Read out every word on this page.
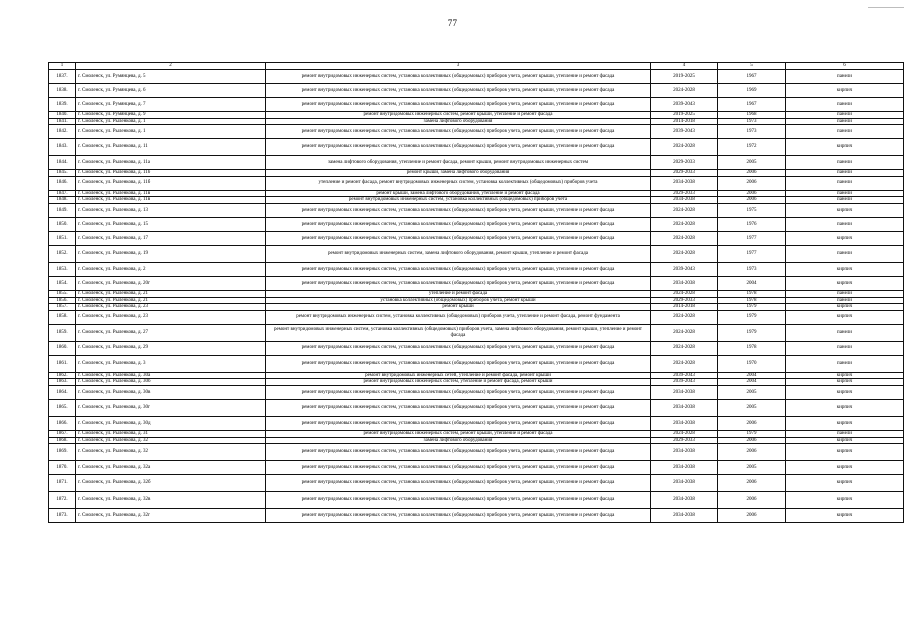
77
1	2	3	4	5	6
1837.	г. Смоленск, ул. Румянцева, д. 5	ремонт внутридомовых инженерных систем, установка коллективных (общедомовых) приборов учета, ремонт крыши, утепление и ремонт фасада	2019-2025	1967	панели
1838.	г. Смоленск, ул. Румянцева, д. 6	ремонт внутридомовых инженерных систем, установка коллективных (общедомовых) приборов учета, ремонт крыши, утепление и ремонт фасада	2024-2028	1969	кирпич
1839.	г. Смоленск, ул. Румянцева, д. 7	ремонт внутридомовых инженерных систем, установка коллективных (общедомовых) приборов учета, ремонт крыши, утепление и ремонт фасада	2039-2043	1967	панели
1840.	г. Смоленск, ул. Румянцева, д. 9	ремонт внутридомовых инженерных систем, ремонт крыши, утепление и ремонт фасада	2019-2025	1968	панели
1841.	г. Смоленск, ул. Рыленкова, д. 1	замена лифтового оборудования	2014-2018	1973	панели
1842.	г. Смоленск, ул. Рыленкова, д. 1	ремонт внутридомовых инженерных систем, установка коллективных (общедомовых) приборов учета, ремонт крыши, утепление и ремонт фасада	2039-2043	1973	панели
1843.	г. Смоленск, ул. Рыленкова, д. 11	ремонт внутридомовых инженерных систем, установка коллективных (общедомовых) приборов учета, ремонт крыши, утепление и ремонт фасада	2024-2028	1972	кирпич
1844.	г. Смоленск, ул. Рыленкова, д. 11а	замена лифтового оборудования, утепление и ремонт фасада, ремонт крыши, ремонт внутридомовых инженерных систем	2029-2033	2005	панели
1845.	г. Смоленск, ул. Рыленкова, д. 11б	ремонт крыши, замена лифтового оборудования	2029-2033	2006	панели
1846.	г. Смоленск, ул. Рыленкова, д. 11б	утепление и ремонт фасада, ремонт внутридомовых инженерных систем, установка коллективных (общедомовых) приборов учета	2034-2038	2006	панели
1847.	г. Смоленск, ул. Рыленкова, д. 11в	ремонт крыши, замена лифтового оборудования, утепление и ремонт фасада	2029-2033	2006	панели
1848.	г. Смоленск, ул. Рыленкова, д. 11в	ремонт внутридомовых инженерных систем, установка коллективных (общедомовых) приборов учета	2034-2038	2006	панели
1849.	г. Смоленск, ул. Рыленкова, д. 13	ремонт внутридомовых инженерных систем, установка коллективных (общедомовых) приборов учета, ремонт крыши, утепление и ремонт фасада	2024-2028	1975	кирпич
1850.	г. Смоленск, ул. Рыленкова, д. 15	ремонт внутридомовых инженерных систем, установка коллективных (общедомовых) приборов учета, ремонт крыши, утепление и ремонт фасада	2024-2028	1976	панели
1851.	г. Смоленск, ул. Рыленкова, д. 17	ремонт внутридомовых инженерных систем, установка коллективных (общедомовых) приборов учета, ремонт крыши, утепление и ремонт фасада	2024-2028	1977	кирпич
1852.	г. Смоленск, ул. Рыленкова, д. 19	ремонт внутридомовых инженерных систем, замена лифтового оборудования, ремонт крыши, утепление и ремонт фасада	2024-2028	1977	панели
1853.	г. Смоленск, ул. Рыленкова, д. 2	ремонт внутридомовых инженерных систем, установка коллективных (общедомовых) приборов учета, ремонт крыши, утепление и ремонт фасада	2039-2043	1973	кирпич
1854.	г. Смоленск, ул. Рыленкова, д. 20г	ремонт внутридомовых инженерных систем, установка коллективных (общедомовых) приборов учета, ремонт крыши, утепление и ремонт фасада	2034-2038	2004	кирпич
1855.	г. Смоленск, ул. Рыленкова, д. 21	утепление и ремонт фасада	2024-2028	1978	панели
1856.	г. Смоленск, ул. Рыленкова, д. 21	установка коллективных (общедомовых) приборов учета, ремонт крыши	2029-2033	1978	панели
1857.	г. Смоленск, ул. Рыленкова, д. 23	ремонт крыши	2014-2018	1979	кирпич
1858.	г. Смоленск, ул. Рыленкова, д. 23	ремонт внутридомовых инженерных систем, установка коллективных (общедомовых) приборов учета, утепление и ремонт фасада, ремонт фундамента	2024-2028	1979	кирпич
1859.	г. Смоленск, ул. Рыленкова, д. 27	ремонт внутридомовых инженерных систем, установка коллективных (общедомовых) приборов учета, замена лифтового оборудования, ремонт крыши, утепление и ремонт фасада	2024-2028	1979	панели
1860.	г. Смоленск, ул. Рыленкова, д. 29	ремонт внутридомовых инженерных систем, установка коллективных (общедомовых) приборов учета, ремонт крыши, утепление и ремонт фасада	2024-2028	1978	панели
1861.	г. Смоленск, ул. Рыленкова, д. 3	ремонт внутридомовых инженерных систем, установка коллективных (общедомовых) приборов учета, ремонт крыши, утепление и ремонт фасада	2024-2028	1970	панели
1862.	г. Смоленск, ул. Рыленкова, д. 30а	ремонт внутридомовых инженерных сетей, утепление и ремонт фасада, ремонт крыши	2039-2043	2004	кирпич
1863.	г. Смоленск, ул. Рыленкова, д. 30б	ремонт внутридомовых инженерных систем, утепление и ремонт фасада, ремонт крыши	2039-2043	2004	кирпич
1864.	г. Смоленск, ул. Рыленкова, д. 30в	ремонт внутридомовых инженерных систем, установка коллективных (общедомовых) приборов учета, ремонт крыши, утепление и ремонт фасада	2034-2038	2005	кирпич
1865.	г. Смоленск, ул. Рыленкова, д. 30г	ремонт внутридомовых инженерных систем, установка коллективных (общедомовых) приборов учета, ремонт крыши, утепление и ремонт фасада	2034-2038	2005	кирпич
1866.	г. Смоленск, ул. Рыленкова, д. 30д	ремонт внутридомовых инженерных систем, установка коллективных (общедомовых) приборов учета, ремонт крыши, утепление и ремонт фасада	2034-2038	2006	кирпич
1867.	г. Смоленск, ул. Рыленкова, д. 31	ремонт внутридомовых инженерных систем, ремонт крыши, утепление и ремонт фасада	2024-2028	1979	панели
1868.	г. Смоленск, ул. Рыленкова, д. 32	замена лифтового оборудования	2029-2033	2006	кирпич
1869.	г. Смоленск, ул. Рыленкова, д. 32	ремонт внутридомовых инженерных систем, установка коллективных (общедомовых) приборов учета, ремонт крыши, утепление и ремонт фасада	2034-2038	2006	кирпич
1870.	г. Смоленск, ул. Рыленкова, д. 32а	ремонт внутридомовых инженерных систем, установка коллективных (общедомовых) приборов учета, ремонт крыши, утепление и ремонт фасада	2034-2038	2005	кирпич
1871.	г. Смоленск, ул. Рыленкова, д. 32б	ремонт внутридомовых инженерных систем, установка коллективных (общедомовых) приборов учета, ремонт крыши, утепление и ремонт фасада	2034-2038	2006	кирпич
1872.	г. Смоленск, ул. Рыленкова, д. 32в	ремонт внутридомовых инженерных систем, установка коллективных (общедомовых) приборов учета, ремонт крыши, утепление и ремонт фасада	2034-2038	2006	кирпич
1873.	г. Смоленск, ул. Рыленкова, д. 32г	ремонт внутридомовых инженерных систем, установка коллективных (общедомовых) приборов учета, ремонт крыши, утепление и ремонт фасада	2034-2038	2006	кирпич
